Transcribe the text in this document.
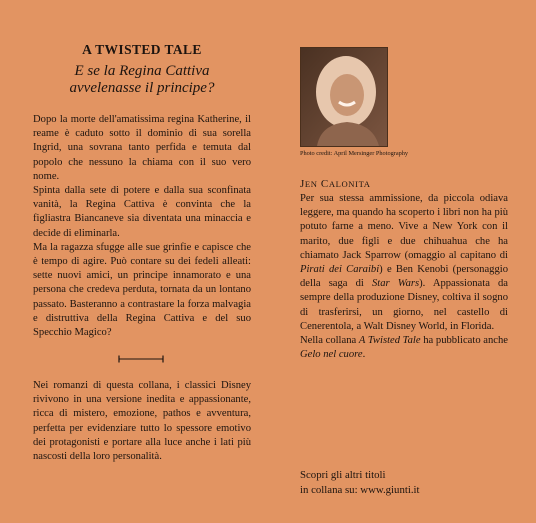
A TWISTED TALE

E se la Regina Cattiva
avvelenasse il principe?

Dopo la morte dell'amatissima regina Katherine, il reame è caduto sotto il dominio di sua sorella Ingrid, una sovrana tanto perfida e temuta dal popolo che nessuno la chiama con il suo vero nome.

Spinta dalla sete di potere e dalla sua sconfinata vanità, la Regina Cattiva è convinta che la figliastra Biancaneve sia diventata una minaccia e decide di eliminarla.

Ma la ragazza sfugge alle sue grinfie e capisce che è tempo di agire. Può contare su dei fedeli alleati: sette nuovi amici, un principe innamorato e una persona che credeva perduta, tornata da un lontano passato. Basteranno a contrastare la forza malvagia e distruttiva della Regina Cattiva e del suo Specchio Magico?

Nei romanzi di questa collana, i classici Disney rivivono in una versione inedita e appassionante, ricca di mistero, emozione, pathos e avventura, perfetta per evidenziare tutto lo spessore emotivo dei protagonisti e portare alla luce anche i lati più nascosti della loro personalità.

Photo credit: April Mersinger Photography

JEN CALONITA

Per sua stessa ammissione, da piccola odiava leggere, ma quando ha scoperto i libri non ha più potuto farne a meno. Vive a New York con il marito, due figli e due chihuahua che ha chiamato Jack Sparrow (omaggio al capitano di Pirati dei Caraibi) e Ben Kenobi (personaggio della saga di Star Wars). Appassionata da sempre della produzione Disney, coltiva il sogno di trasferirsi, un giorno, nel castello di Cenerentola, a Walt Disney World, in Florida.
Nella collana A Twisted Tale ha pubblicato anche Gelo nel cuore.
Scopri gli altri titoli
in collana su: www.giunti.it
